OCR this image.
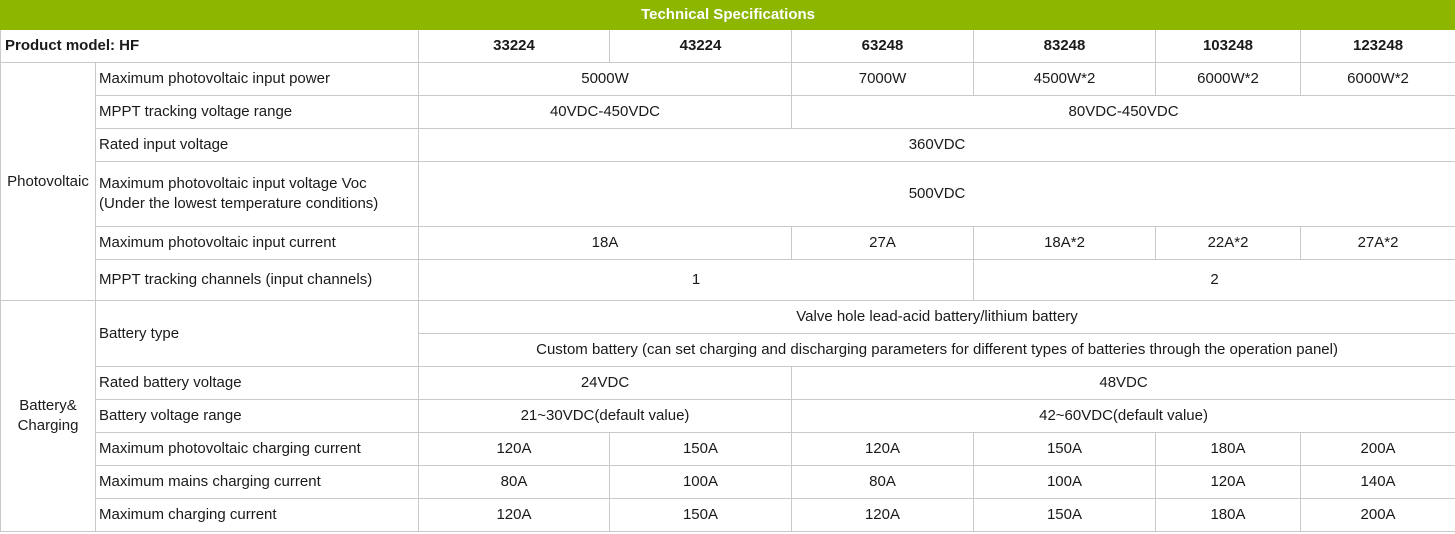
Technical Specifications							
Product model: HF		33224	43224	63248	83248	103248	123248
Photovoltaic	Maximum photovoltaic input power	5000W		7000W	4500W*2	6000W*2	6000W*2
	MPPT tracking voltage range	40VDC-450VDC		80VDC-450VDC			
	Rated input voltage	360VDC					

	Maximum photovoltaic input voltage Voc
(Under the lowest temperature conditions)	500VDC					
	Maximum photovoltaic input current	18A		27A	18A*2	22A*2	27A*2
	MPPT tracking channels (input channels)	1			2		

Battery&
Charging	Battery type	Valve hole lead-acid battery/lithium battery					
		Custom battery (can set charging and discharging parameters for different types of batteries through the operation panel)					
	Rated battery voltage	24VDC		48VDC			
	Battery voltage range	21~30VDC(default value)		42~60VDC(default value)			
	Maximum photovoltaic charging current	120A	150A	120A	150A	180A	200A
	Maximum mains charging current	80A	100A	80A	100A	120A	140A
	Maximum charging current	120A	150A	120A	150A	180A	200A
